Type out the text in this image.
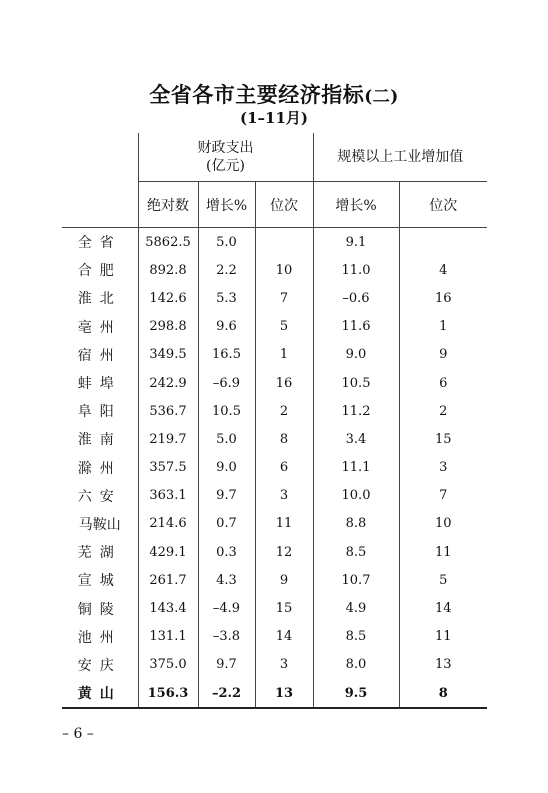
全省各市主要经济指标(二)
(1–11月)

	财政支出
(亿元)			规模以上工业增加值	
	绝对数	增长%	位次	增长%	位次
全省	5862.5	5.0		9.1	
合肥	892.8	2.2	10	11.0	4
淮北	142.6	5.3	7	–0.6	16
亳州	298.8	9.6	5	11.6	1
宿州	349.5	16.5	1	9.0	9
蚌埠	242.9	–6.9	16	10.5	6
阜阳	536.7	10.5	2	11.2	2
淮南	219.7	5.0	8	3.4	15
滁州	357.5	9.0	6	11.1	3
六安	363.1	9.7	3	10.0	7
马鞍山	214.6	0.7	11	8.8	10
芜湖	429.1	0.3	12	8.5	11
宣城	261.7	4.3	9	10.7	5
铜陵	143.4	–4.9	15	4.9	14
池州	131.1	–3.8	14	8.5	11
安庆	375.0	9.7	3	8.0	13
黄山	156.3	–2.2	13	9.5	8
– 6 –
